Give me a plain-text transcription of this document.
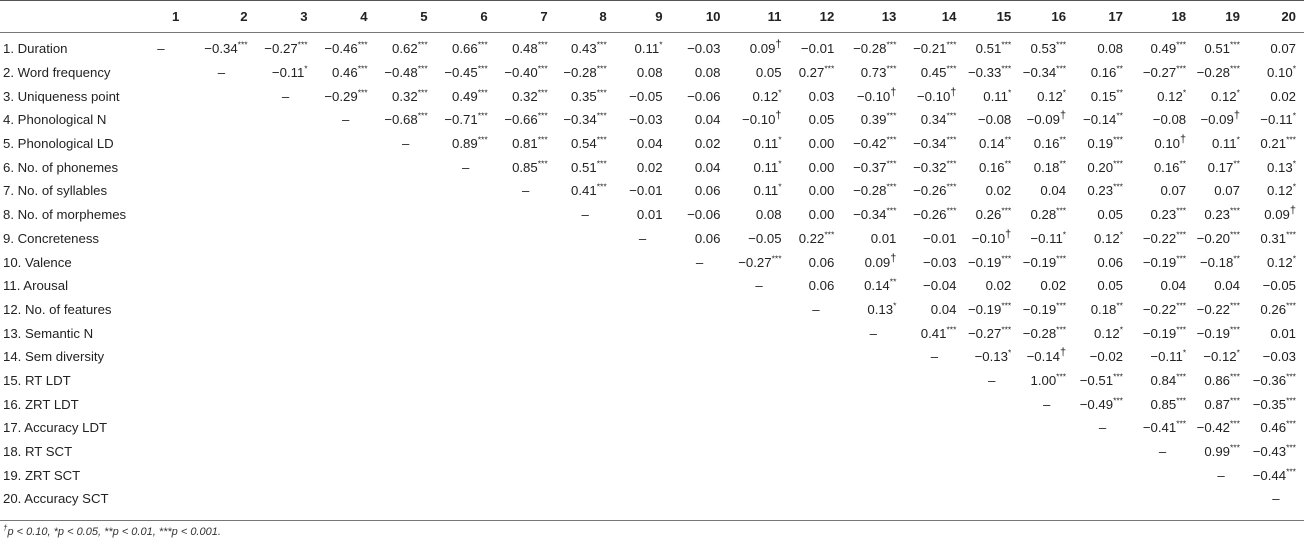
	1	2	3	4	5	6	7	8	9	10	11	12	13	14	15	16	17	18	19	20
1. Duration	–	−0.34***	−0.27***	−0.46***	0.62***	0.66***	0.48***	0.43***	0.11*	−0.03	0.09†	−0.01	−0.28***	−0.21***	0.51***	0.53***	0.08	0.49***	0.51***	0.07
2. Word frequency		–	−0.11*	0.46***	−0.48***	−0.45***	−0.40***	−0.28***	0.08	0.08	0.05	0.27***	0.73***	0.45***	−0.33***	−0.34***	0.16**	−0.27***	−0.28***	0.10*
3. Uniqueness point			–	−0.29***	0.32***	0.49***	0.32***	0.35***	−0.05	−0.06	0.12*	0.03	−0.10†	−0.10†	0.11*	0.12*	0.15**	0.12*	0.12*	0.02
4. Phonological N				–	−0.68***	−0.71***	−0.66***	−0.34***	−0.03	0.04	−0.10†	0.05	0.39***	0.34***	−0.08	−0.09†	−0.14**	−0.08	−0.09†	−0.11*
5. Phonological LD					–	0.89***	0.81***	0.54***	0.04	0.02	0.11*	0.00	−0.42***	−0.34***	0.14**	0.16**	0.19***	0.10†	0.11*	0.21***
6. No. of phonemes						–	0.85***	0.51***	0.02	0.04	0.11*	0.00	−0.37***	−0.32***	0.16**	0.18**	0.20***	0.16**	0.17**	0.13*
7. No. of syllables							–	0.41***	−0.01	0.06	0.11*	0.00	−0.28***	−0.26***	0.02	0.04	0.23***	0.07	0.07	0.12*
8. No. of morphemes								–	0.01	−0.06	0.08	0.00	−0.34***	−0.26***	0.26***	0.28***	0.05	0.23***	0.23***	0.09†
9. Concreteness									–	0.06	−0.05	0.22***	0.01	−0.01	−0.10†	−0.11*	0.12*	−0.22***	−0.20***	0.31***
10. Valence										–	−0.27***	0.06	0.09†	−0.03	−0.19***	−0.19***	0.06	−0.19***	−0.18**	0.12*
11. Arousal											–	0.06	0.14**	−0.04	0.02	0.02	0.05	0.04	0.04	−0.05
12. No. of features												–	0.13*	0.04	−0.19***	−0.19***	0.18**	−0.22***	−0.22***	0.26***
13. Semantic N													–	0.41***	−0.27***	−0.28***	0.12*	−0.19***	−0.19***	0.01
14. Sem diversity														–	−0.13*	−0.14†	−0.02	−0.11*	−0.12*	−0.03
15. RT LDT															–	1.00***	−0.51***	0.84***	0.86***	−0.36***
16. ZRT LDT																–	−0.49***	0.85***	0.87***	−0.35***
17. Accuracy LDT																	–	−0.41***	−0.42***	0.46***
18. RT SCT																		–	0.99***	−0.43***
19. ZRT SCT																			–	−0.44***
20. Accuracy SCT																				–
†p < 0.10, *p < 0.05, **p < 0.01, ***p < 0.001.
